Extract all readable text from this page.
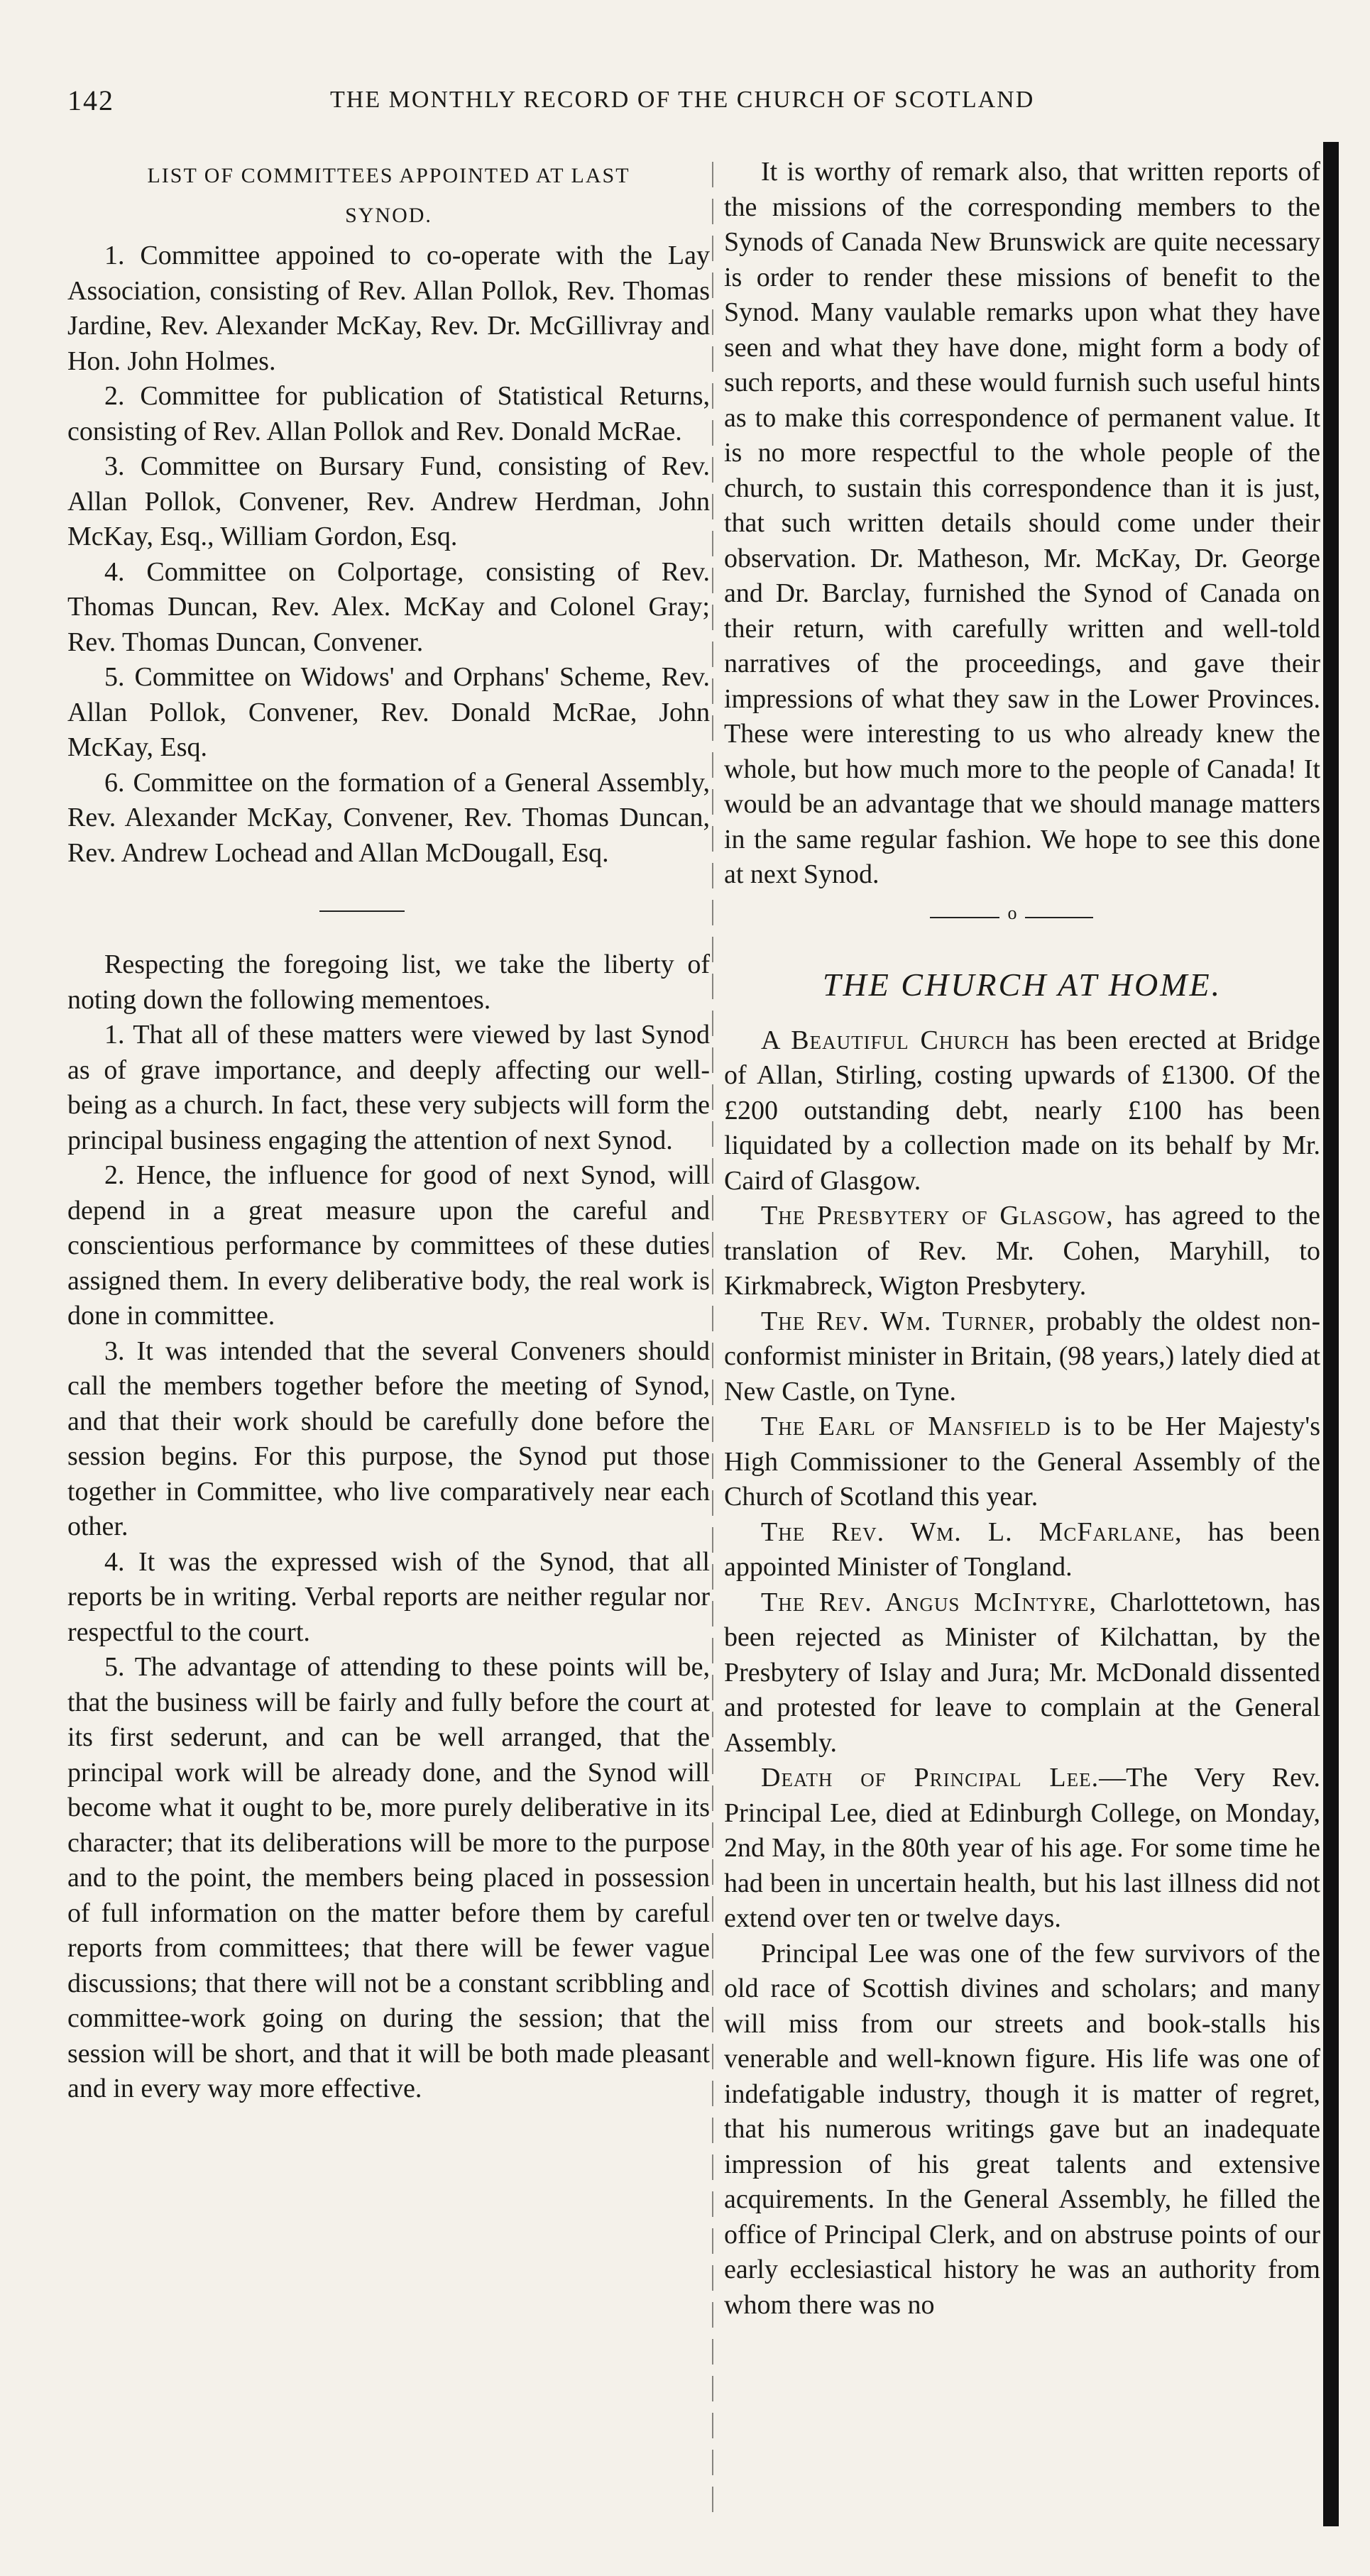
142	THE MONTHLY RECORD OF THE CHURCH OF SCOTLAND
LIST OF COMMITTEES APPOINTED AT LAST
SYNOD.

1. Committee appoined to co-operate with the Lay Association, consisting of Rev. Allan Pollok, Rev. Thomas Jardine, Rev. Alexander McKay, Rev. Dr. McGillivray and Hon. John Holmes.

2. Committee for publication of Statistical Returns, consisting of Rev. Allan Pollok and Rev. Donald McRae.

3. Committee on Bursary Fund, consisting of Rev. Allan Pollok, Convener, Rev. Andrew Herdman, John McKay, Esq., William Gordon, Esq.

4. Committee on Colportage, consisting of Rev. Thomas Duncan, Rev. Alex. McKay and Colonel Gray; Rev. Thomas Duncan, Convener.

5. Committee on Widows' and Orphans' Scheme, Rev. Allan Pollok, Convener, Rev. Donald McRae, John McKay, Esq.

6. Committee on the formation of a General Assembly, Rev. Alexander McKay, Convener, Rev. Thomas Duncan, Rev. Andrew Lochead and Allan McDougall, Esq.

Respecting the foregoing list, we take the liberty of noting down the following mementoes.

1. That all of these matters were viewed by last Synod as of grave importance, and deeply affecting our well-being as a church. In fact, these very subjects will form the principal business engaging the attention of next Synod.

2. Hence, the influence for good of next Synod, will depend in a great measure upon the careful and conscientious performance by committees of these duties assigned them. In every deliberative body, the real work is done in committee.

3. It was intended that the several Conveners should call the members together before the meeting of Synod, and that their work should be carefully done before the session begins. For this purpose, the Synod put those together in Committee, who live comparatively near each other.

4. It was the expressed wish of the Synod, that all reports be in writing. Verbal reports are neither regular nor respectful to the court.

5. The advantage of attending to these points will be, that the business will be fairly and fully before the court at its first sederunt, and can be well arranged, that the principal work will be already done, and the Synod will become what it ought to be, more purely deliberative in its character; that its deliberations will be more to the purpose and to the point, the members being placed in possession of full information on the matter before them by careful reports from committees; that there will be fewer vague discussions; that there will not be a constant scribbling and committee-work going on during the session; that the session will be short, and that it will be both made pleasant and in every way more effective.

It is worthy of remark also, that written reports of the missions of the corresponding members to the Synods of Canada New Brunswick are quite necessary is order to render these missions of benefit to the Synod. Many vaulable remarks upon what they have seen and what they have done, might form a body of such reports, and these would furnish such useful hints as to make this correspondence of permanent value. It is no more respectful to the whole people of the church, to sustain this correspondence than it is just, that such written details should come under their observation. Dr. Matheson, Mr. McKay, Dr. George and Dr. Barclay, furnished the Synod of Canada on their return, with carefully written and well-told narratives of the proceedings, and gave their impressions of what they saw in the Lower Provinces. These were interesting to us who already knew the whole, but how much more to the people of Canada! It would be an advantage that we should manage matters in the same regular fashion. We hope to see this done at next Synod.

o
THE CHURCH AT HOME.

A Beautiful Church has been erected at Bridge of Allan, Stirling, costing upwards of £1300. Of the £200 outstanding debt, nearly £100 has been liquidated by a collection made on its behalf by Mr. Caird of Glasgow.

The Presbytery of Glasgow, has agreed to the translation of Rev. Mr. Cohen, Maryhill, to Kirkmabreck, Wigton Presbytery.

The Rev. Wm. Turner, probably the oldest non-conformist minister in Britain, (98 years,) lately died at New Castle, on Tyne.

The Earl of Mansfield is to be Her Majesty's High Commissioner to the General Assembly of the Church of Scotland this year.

The Rev. Wm. L. McFarlane, has been appointed Minister of Tongland.

The Rev. Angus McIntyre, Charlottetown, has been rejected as Minister of Kilchattan, by the Presbytery of Islay and Jura; Mr. McDonald dissented and protested for leave to complain at the General Assembly.

Death of Principal Lee.—The Very Rev. Principal Lee, died at Edinburgh College, on Monday, 2nd May, in the 80th year of his age. For some time he had been in uncertain health, but his last illness did not extend over ten or twelve days.

Principal Lee was one of the few survivors of the old race of Scottish divines and scholars; and many will miss from our streets and book-stalls his venerable and well-known figure. His life was one of indefatigable industry, though it is matter of regret, that his numerous writings gave but an inadequate impression of his great talents and extensive acquirements. In the General Assembly, he filled the office of Principal Clerk, and on abstruse points of our early ecclesiastical history he was an authority from whom there was no
